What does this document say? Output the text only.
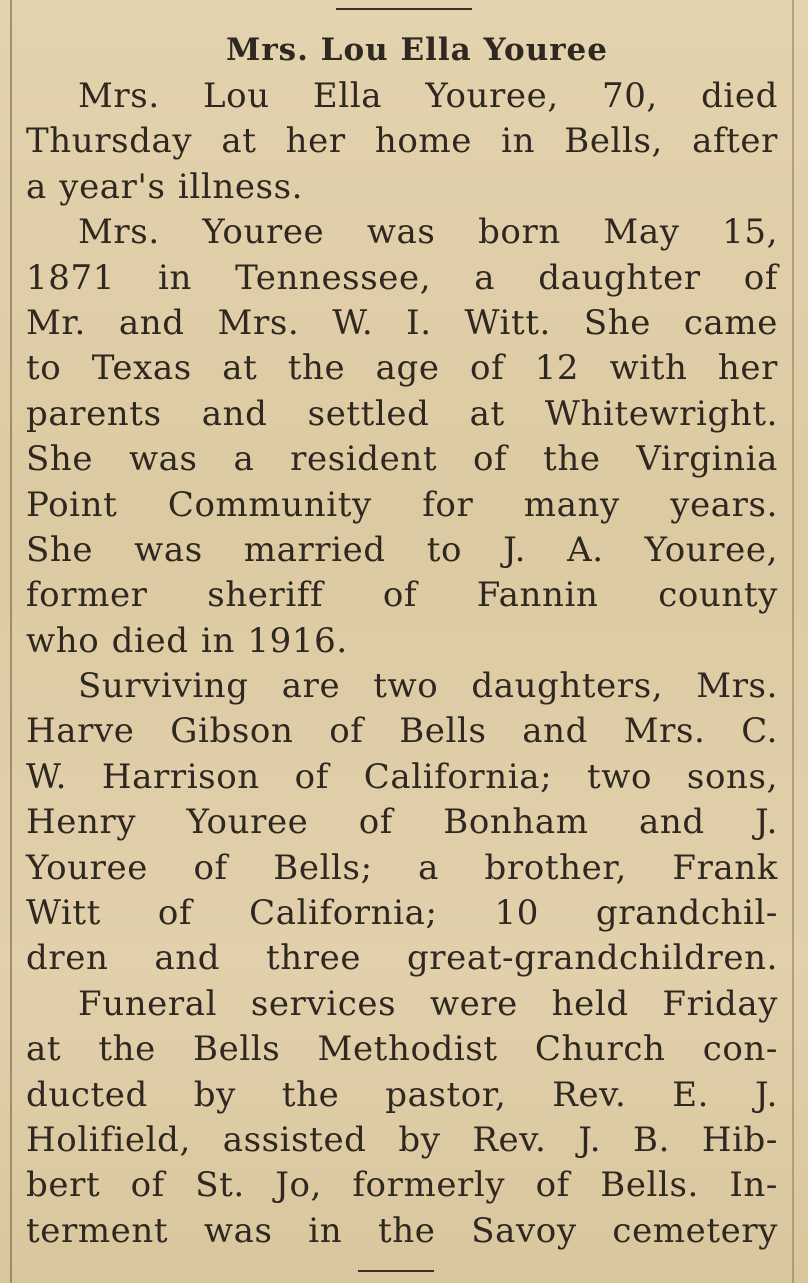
Mrs. Lou Ella Youree
Mrs. Lou Ella Youree, 70, died
Thursday at her home in Bells, after
a year's illness.
Mrs. Youree was born May 15,
1871 in Tennessee, a daughter of
Mr. and Mrs. W. I. Witt. She came
to Texas at the age of 12 with her
parents and settled at Whitewright.
She was a resident of the Virginia
Point Community for many years.
She was married to J. A. Youree,
former sheriff of Fannin county
who died in 1916.
Surviving are two daughters, Mrs.
Harve Gibson of Bells and Mrs. C.
W. Harrison of California; two sons,
Henry Youree of Bonham and J.
Youree of Bells; a brother, Frank
Witt of California; 10 grandchil-
dren and three great-grandchildren.
Funeral services were held Friday
at the Bells Methodist Church con-
ducted by the pastor, Rev. E. J.
Holifield, assisted by Rev. J. B. Hib-
bert of St. Jo, formerly of Bells. In-
terment was in the Savoy cemetery
